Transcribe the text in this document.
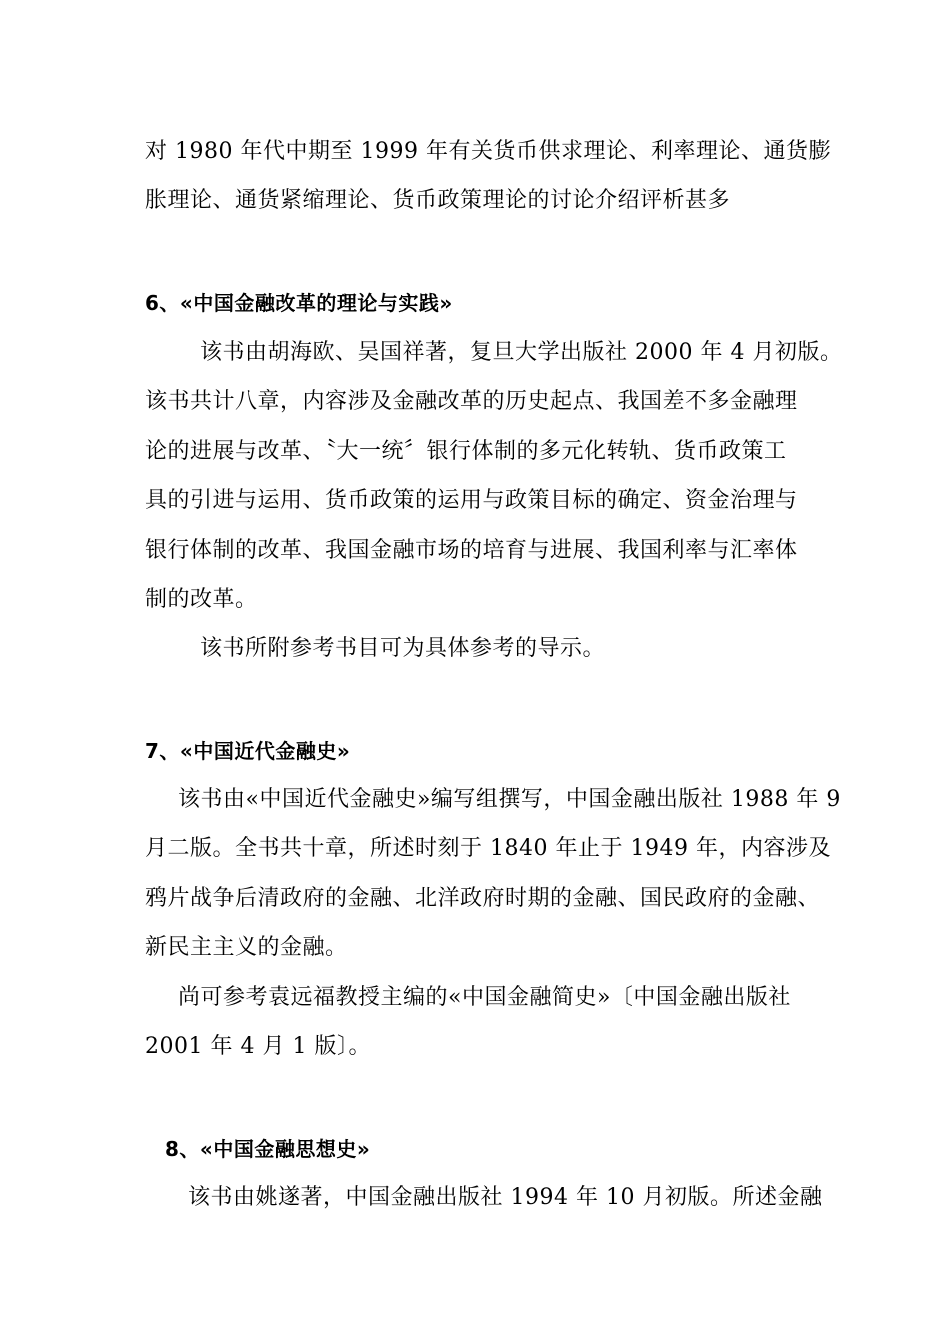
对 1980 年代中期至 1999 年有关货币供求理论、利率理论、通货膨
胀理论、通货紧缩理论、货币政策理论的讨论介绍评析甚多
6、«中国金融改革的理论与实践»
该书由胡海欧、吴国祥著，复旦大学出版社 2000 年 4 月初版。
该书共计八章，内容涉及金融改革的历史起点、我国差不多金融理
论的进展与改革、〝大一统〞银行体制的多元化转轨、货币政策工
具的引进与运用、货币政策的运用与政策目标的确定、资金治理与
银行体制的改革、我国金融市场的培育与进展、我国利率与汇率体
制的改革。
该书所附参考书目可为具体参考的导示。
7、«中国近代金融史»
该书由«中国近代金融史»编写组撰写，中国金融出版社 1988 年 9
月二版。全书共十章，所述时刻于 1840 年止于 1949 年，内容涉及
鸦片战争后清政府的金融、北洋政府时期的金融、国民政府的金融、
新民主主义的金融。
尚可参考袁远福教授主编的«中国金融简史»〔中国金融出版社
2001 年 4 月 1 版〕。
8、«中国金融思想史»
该书由姚遂著，中国金融出版社 1994 年 10 月初版。所述金融
